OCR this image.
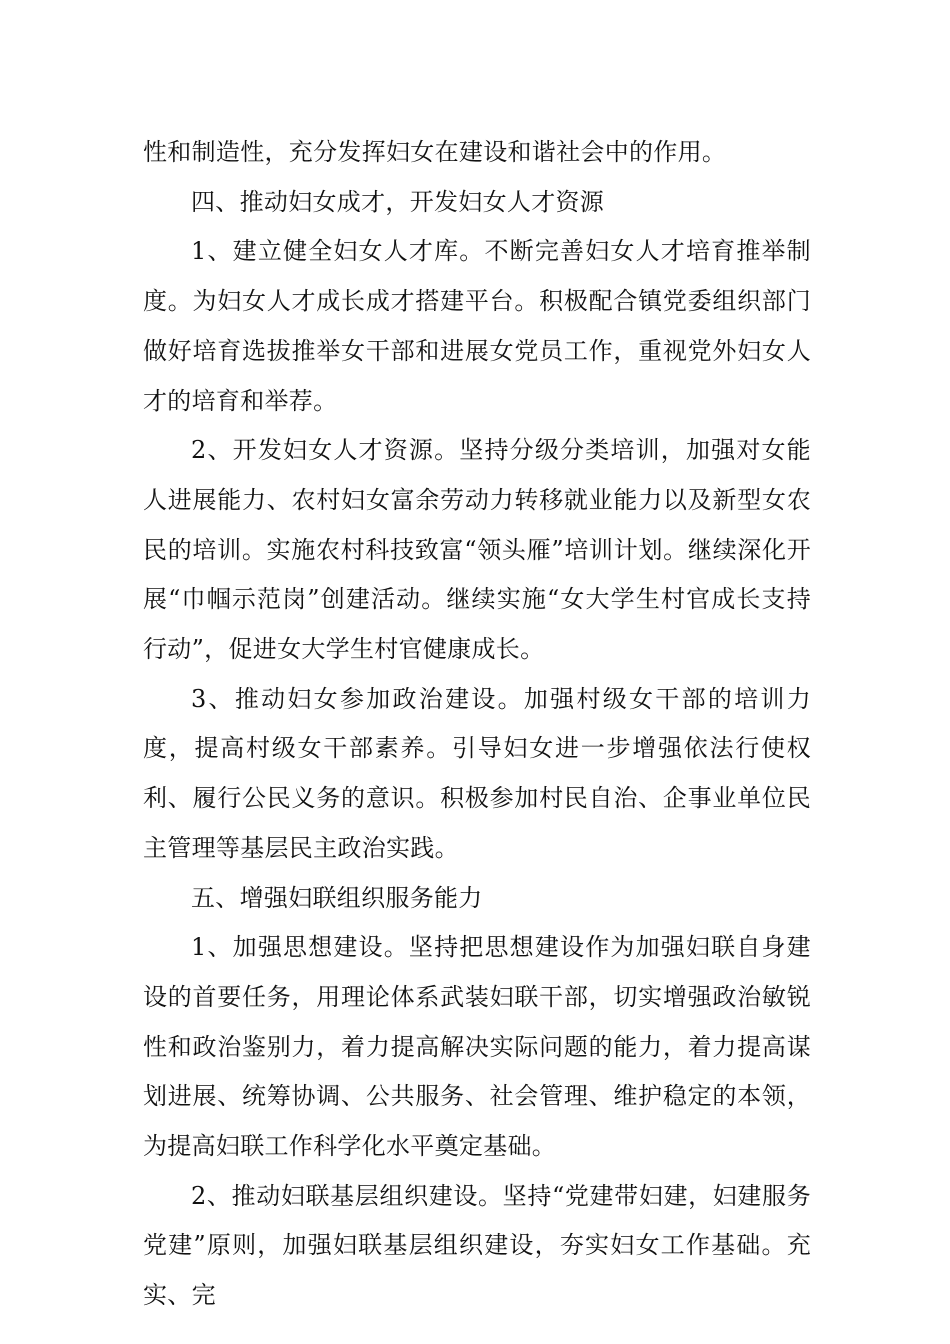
性和制造性，充分发挥妇女在建设和谐社会中的作用。

四、推动妇女成才，开发妇女人才资源

1、建立健全妇女人才库。不断完善妇女人才培育推举制度。为妇女人才成长成才搭建平台。积极配合镇党委组织部门做好培育选拔推举女干部和进展女党员工作，重视党外妇女人才的培育和举荐。

2、开发妇女人才资源。坚持分级分类培训，加强对女能人进展能力、农村妇女富余劳动力转移就业能力以及新型女农民的培训。实施农村科技致富“领头雁”培训计划。继续深化开展“巾帼示范岗”创建活动。继续实施“女大学生村官成长支持行动”，促进女大学生村官健康成长。

3、推动妇女参加政治建设。加强村级女干部的培训力度，提高村级女干部素养。引导妇女进一步增强依法行使权利、履行公民义务的意识。积极参加村民自治、企事业单位民主管理等基层民主政治实践。

五、增强妇联组织服务能力

1、加强思想建设。坚持把思想建设作为加强妇联自身建设的首要任务，用理论体系武装妇联干部，切实增强政治敏锐性和政治鉴别力，着力提高解决实际问题的能力，着力提高谋划进展、统筹协调、公共服务、社会管理、维护稳定的本领，为提高妇联工作科学化水平奠定基础。

2、推动妇联基层组织建设。坚持“党建带妇建，妇建服务党建”原则，加强妇联基层组织建设，夯实妇女工作基础。充实、完
